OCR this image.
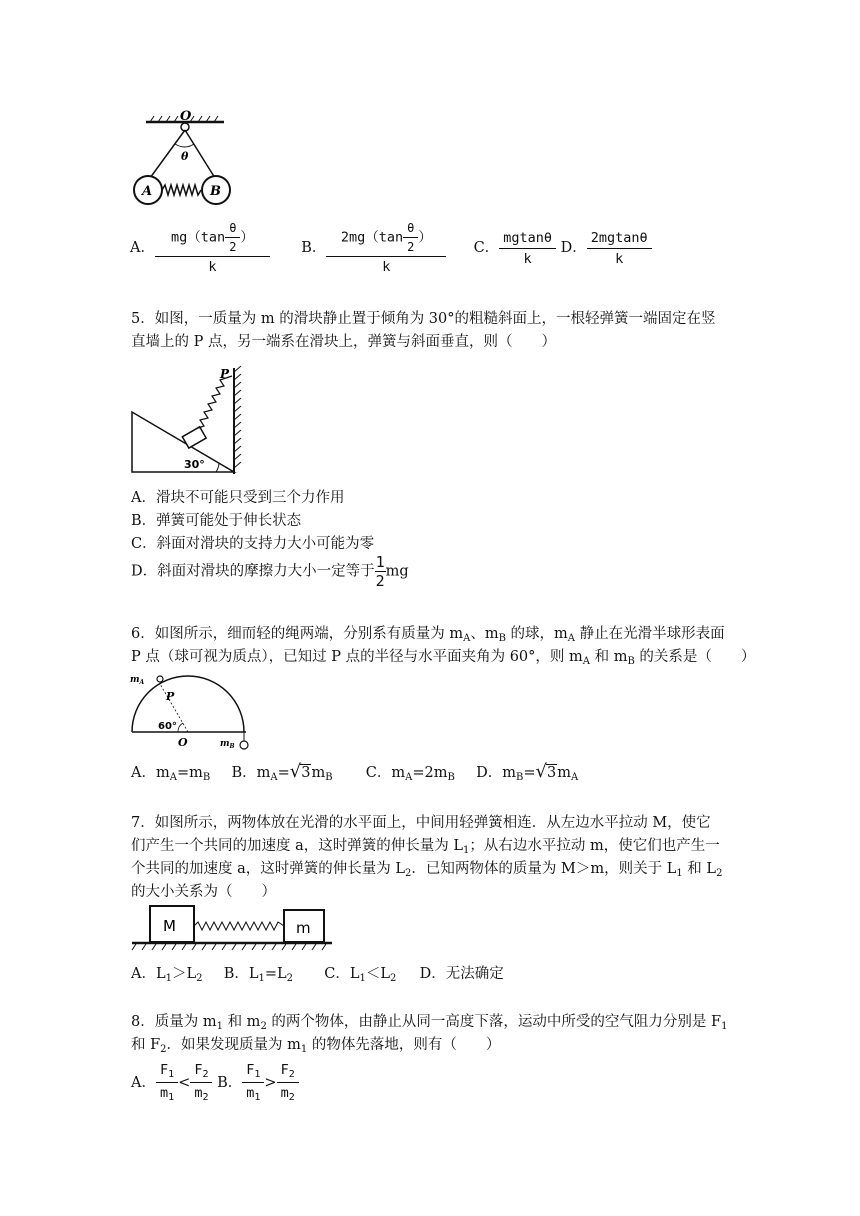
O
θ
A	B
A． $\frac{mg(\tan \frac{\theta}{2} )}{k}$ B． $\frac{2mg(\tan \frac{\theta}{2} )}{k}$ C． $\frac{mgtan\theta}{k}$ D． $\frac{2mgtan\theta}{k}$
5．如图，一质量为 m 的滑块静止置于倾角为 30°的粗糙斜面上，一根轻弹簧一端固定在竖
直墙上的 P 点，另一端系在滑块上，弹簧与斜面垂直，则（　　）
P
30°
A．滑块不可能只受到三个力作用
B．弹簧可能处于伸长状态
C．斜面对滑块的支持力大小可能为零
D．斜面对滑块的摩擦力大小一定等于 $\frac{1}{2}$ mg
6．如图所示，细而轻的绳两端，分别系有质量为 $m_A$、$m_B$ 的球，$m_A$ 静止在光滑半球形表面
P 点（球可视为质点），已知过 P 点的半径与水平面夹角为 60°，则 $m_A$ 和 $m_B$ 的关系是（　　）
$m_A$
P
60°
O	$m_B$
A．$m_A=m_B$ B．$m_A=√3m_B$ C．$m_A=2m_B$ D．$m_B=√3m_A$
7．如图所示，两物体放在光滑的水平面上，中间用轻弹簧相连．从左边水平拉动 M，使它
们产生一个共同的加速度 a，这时弹簧的伸长量为 $L_1$；从右边水平拉动 m，使它们也产生一
个共同的加速度 a，这时弹簧的伸长量为 $L_2$．已知两物体的质量为 M＞m，则关于 $L_1$ 和 $L_2$
的大小关系为（　　）
M	m
A．$L_1>L_2$ B．$L_1=L_2$ C．$L_1<L_2$ D．无法确定
8．质量为 $m_1$ 和 $m_2$ 的两个物体，由静止从同一高度下落，运动中所受的空气阻力分别是 $F_1$
和 $F_2$．如果发现质量为 $m_1$ 的物体先落地，则有（　　）
A． $\frac{F_1}{m_1} < \frac{F_2}{m_2}$ B． $\frac{F_1}{m_1} > \frac{F_2}{m_2}$
